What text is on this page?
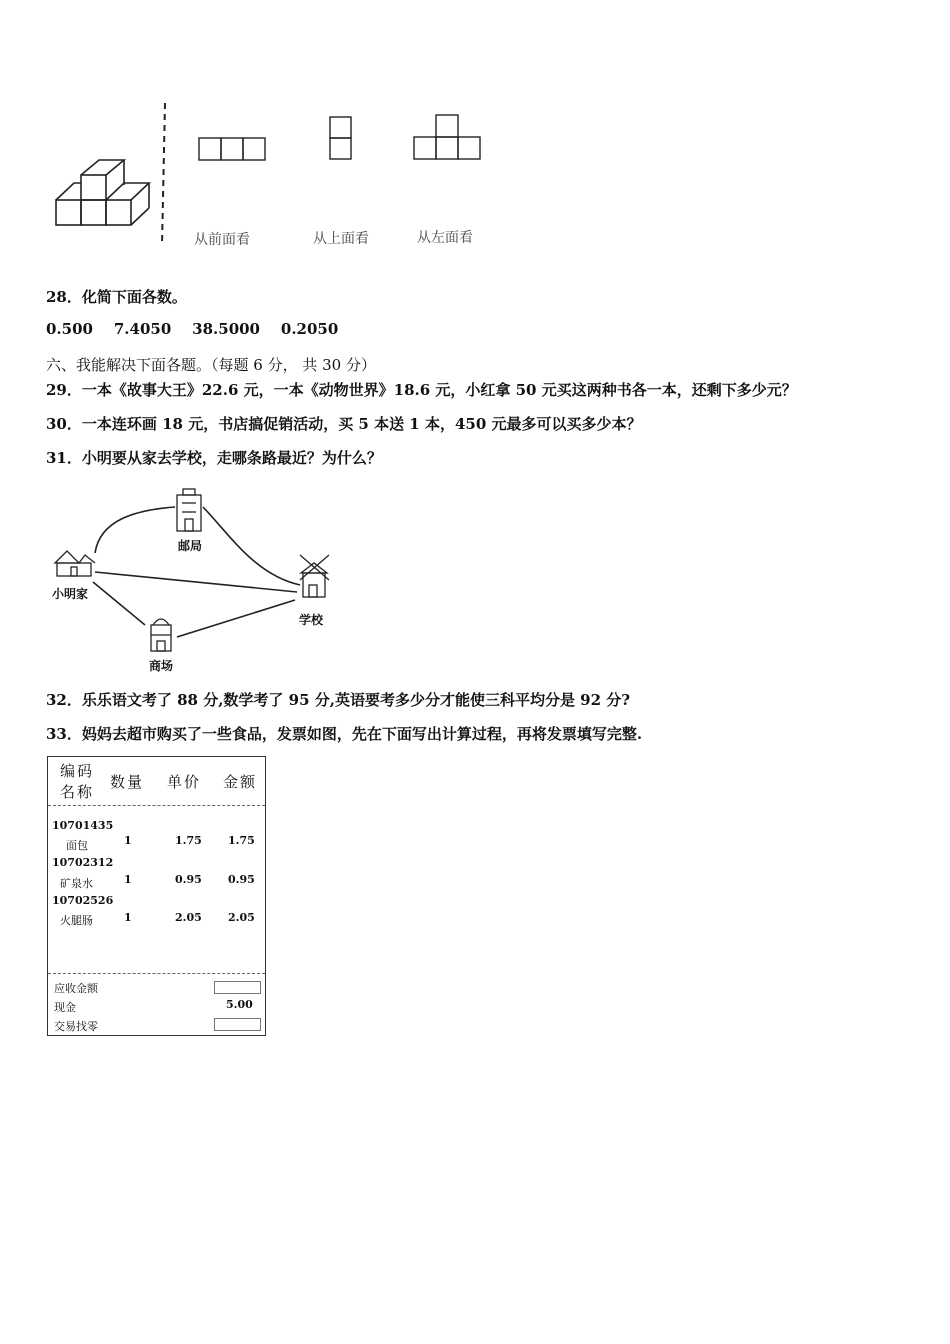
从前面看	从上面看	从左面看
28．化简下面各数。
0.500    7.4050    38.5000    0.2050
六、我能解决下面各题。（每题 6 分， 共 30 分）
29．一本《故事大王》22.6 元，一本《动物世界》18.6 元，小红拿 50 元买这两种书各一本，还剩下多少元？
30．一本连环画 18 元，书店搞促销活动，买 5 本送 1 本，450 元最多可以买多少本？
31．小明要从家去学校，走哪条路最近？为什么？
小明家
邮局
学校
商场
32．乐乐语文考了 88 分,数学考了 95 分,英语要考多少分才能使三科平均分是 92 分?
33．妈妈去超市购买了一些食品，发票如图，先在下面写出计算过程，再将发票填写完整.
编码
名称
数量 单价 金额
10701435
面包	1	1.75 1.75
10702312
矿泉水	1	0.95 0.95
10702526
火腿肠	1	2.05 2.05
应收金额
现金	5.00
交易找零
